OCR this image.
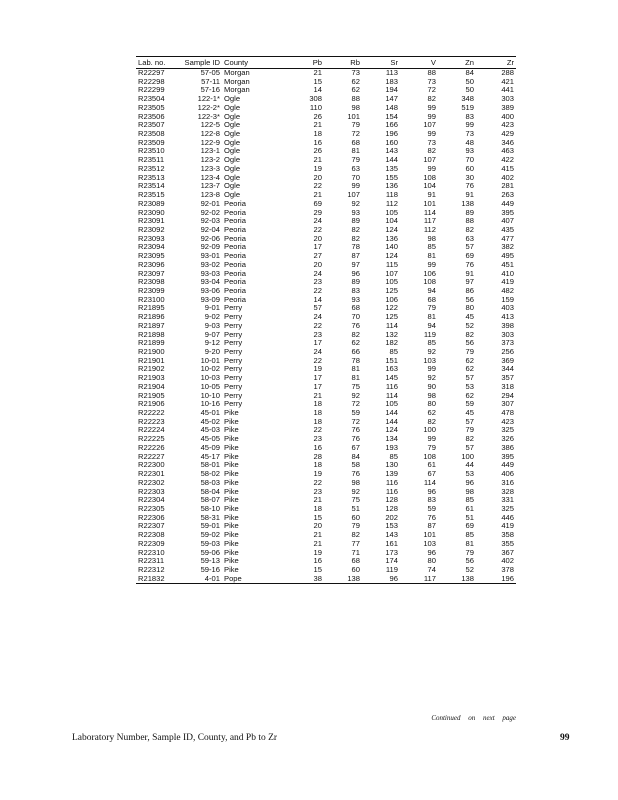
Lab. no.	Sample ID	County	Pb	Rb	Sr	V	Zn	Zr
R22297	57-05	Morgan	21	73	113	88	84	288
R22298	57-11	Morgan	15	62	183	73	50	421
R22299	57-16	Morgan	14	62	194	72	50	441
R23504	122-1*	Ogle	308	88	147	82	348	303
R23505	122-2*	Ogle	110	98	148	99	519	389
R23506	122-3*	Ogle	26	101	154	99	83	400
R23507	122-5	Ogle	21	79	166	107	99	423
R23508	122-8	Ogle	18	72	196	99	73	429
R23509	122-9	Ogle	16	68	160	73	48	346
R23510	123-1	Ogle	26	81	143	82	93	463
R23511	123-2	Ogle	21	79	144	107	70	422
R23512	123-3	Ogle	19	63	135	99	60	415
R23513	123-4	Ogle	20	70	155	108	30	402
R23514	123-7	Ogle	22	99	136	104	76	281
R23515	123-8	Ogle	21	107	118	91	91	263
R23089	92-01	Peoria	69	92	112	101	138	449
R23090	92-02	Peoria	29	93	105	114	89	395
R23091	92-03	Peoria	24	89	104	117	88	407
R23092	92-04	Peoria	22	82	124	112	82	435
R23093	92-06	Peoria	20	82	136	98	63	477
R23094	92-09	Peoria	17	78	140	85	57	382
R23095	93-01	Peoria	27	87	124	81	69	495
R23096	93-02	Peoria	20	97	115	99	76	451
R23097	93-03	Peoria	24	96	107	106	91	410
R23098	93-04	Peoria	23	89	105	108	97	419
R23099	93-06	Peoria	22	83	125	94	86	482
R23100	93-09	Peoria	14	93	106	68	56	159
R21895	9-01	Perry	57	68	122	79	80	403
R21896	9-02	Perry	24	70	125	81	45	413
R21897	9-03	Perry	22	76	114	94	52	398
R21898	9-07	Perry	23	82	132	119	82	303
R21899	9-12	Perry	17	62	182	85	56	373
R21900	9-20	Perry	24	66	85	92	79	256
R21901	10-01	Perry	22	78	151	103	62	369
R21902	10-02	Perry	19	81	163	99	62	344
R21903	10-03	Perry	17	81	145	92	57	357
R21904	10-05	Perry	17	75	116	90	53	318
R21905	10-10	Perry	21	92	114	98	62	294
R21906	10-16	Perry	18	72	105	80	59	307
R22222	45-01	Pike	18	59	144	62	45	478
R22223	45-02	Pike	18	72	144	82	57	423
R22224	45-03	Pike	22	76	124	100	79	325
R22225	45-05	Pike	23	76	134	99	82	326
R22226	45-09	Pike	16	67	193	79	57	386
R22227	45-17	Pike	28	84	85	108	100	395
R22300	58-01	Pike	18	58	130	61	44	449
R22301	58-02	Pike	19	76	139	67	53	406
R22302	58-03	Pike	22	98	116	114	96	316
R22303	58-04	Pike	23	92	116	96	98	328
R22304	58-07	Pike	21	75	128	83	85	331
R22305	58-10	Pike	18	51	128	59	61	325
R22306	58-31	Pike	15	60	202	76	51	446
R22307	59-01	Pike	20	79	153	87	69	419
R22308	59-02	Pike	21	82	143	101	85	358
R22309	59-03	Pike	21	77	161	103	81	355
R22310	59-06	Pike	19	71	173	96	79	367
R22311	59-13	Pike	16	68	174	80	56	402
R22312	59-16	Pike	15	60	119	74	52	378
R21832	4-01	Pope	38	138	96	117	138	196
Continued on next page
Laboratory Number, Sample ID, County, and Pb to Zr	99
